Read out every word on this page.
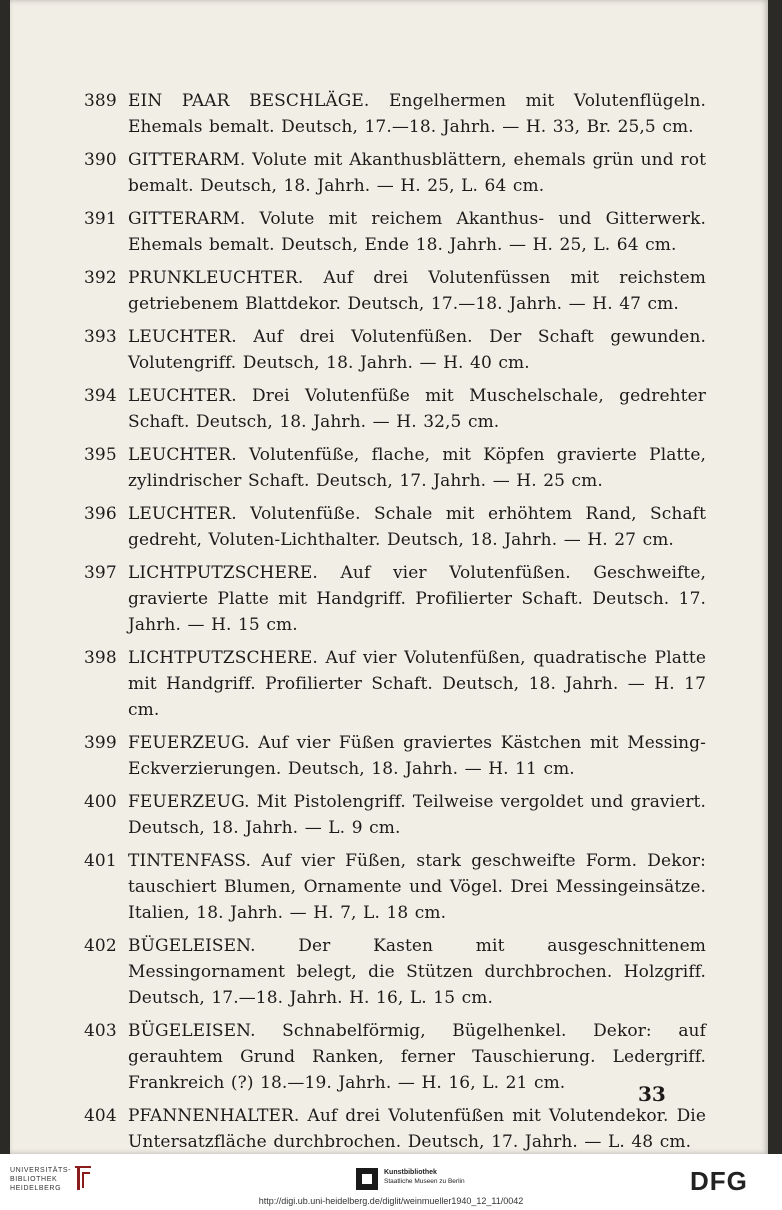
389 EIN PAAR BESCHLÄGE. Engelhermen mit Volutenflügeln. Ehemals bemalt. Deutsch, 17.—18. Jahrh. — H. 33, Br. 25,5 cm.
390 GITTERARM. Volute mit Akanthusblättern, ehemals grün und rot bemalt. Deutsch, 18. Jahrh. — H. 25, L. 64 cm.
391 GITTERARM. Volute mit reichem Akanthus- und Gitterwerk. Ehemals bemalt. Deutsch, Ende 18. Jahrh. — H. 25, L. 64 cm.
392 PRUNKLEUCHTER. Auf drei Volutenfüssen mit reichstem getriebenem Blattdekor. Deutsch, 17.—18. Jahrh. — H. 47 cm.
393 LEUCHTER. Auf drei Volutenfüßen. Der Schaft gewunden. Volutengriff. Deutsch, 18. Jahrh. — H. 40 cm.
394 LEUCHTER. Drei Volutenfüße mit Muschelschale, gedrehter Schaft. Deutsch, 18. Jahrh. — H. 32,5 cm.
395 LEUCHTER. Volutenfüße, flache, mit Köpfen gravierte Platte, zylindrischer Schaft. Deutsch, 17. Jahrh. — H. 25 cm.
396 LEUCHTER. Volutenfüße. Schale mit erhöhtem Rand, Schaft gedreht, Voluten-Lichthalter. Deutsch, 18. Jahrh. — H. 27 cm.
397 LICHTPUTZSCHERE. Auf vier Volutenfüßen. Geschweifte, gravierte Platte mit Handgriff. Profilierter Schaft. Deutsch. 17. Jahrh. — H. 15 cm.
398 LICHTPUTZSCHERE. Auf vier Volutenfüßen, quadratische Platte mit Handgriff. Profilierter Schaft. Deutsch, 18. Jahrh. — H. 17 cm.
399 FEUERZEUG. Auf vier Füßen graviertes Kästchen mit Messing-Eckverzierungen. Deutsch, 18. Jahrh. — H. 11 cm.
400 FEUERZEUG. Mit Pistolengriff. Teilweise vergoldet und graviert. Deutsch, 18. Jahrh. — L. 9 cm.
401 TINTENFASS. Auf vier Füßen, stark geschweifte Form. Dekor: tauschiert Blumen, Ornamente und Vögel. Drei Messingeinsätze. Italien, 18. Jahrh. — H. 7, L. 18 cm.
402 BÜGELEISEN. Der Kasten mit ausgeschnittenem Messingornament belegt, die Stützen durchbrochen. Holzgriff. Deutsch, 17.—18. Jahrh. H. 16, L. 15 cm.
403 BÜGELEISEN. Schnabelförmig, Bügelhenkel. Dekor: auf gerauhtem Grund Ranken, ferner Tauschierung. Ledergriff. Frankreich (?) 18.—19. Jahrh. — H. 16, L. 21 cm.
404 PFANNENHALTER. Auf drei Volutenfüßen mit Volutendekor. Die Untersatzfläche durchbrochen. Deutsch, 17. Jahrh. — L. 48 cm.
33
UNIVERSITÄTS-
BIBLIOTHEK
HEIDELBERG
Kunstbibliothek
Staatliche Museen zu Berlin	DFG
http://digi.ub.uni-heidelberg.de/diglit/weinmueller1940_12_11/0042
